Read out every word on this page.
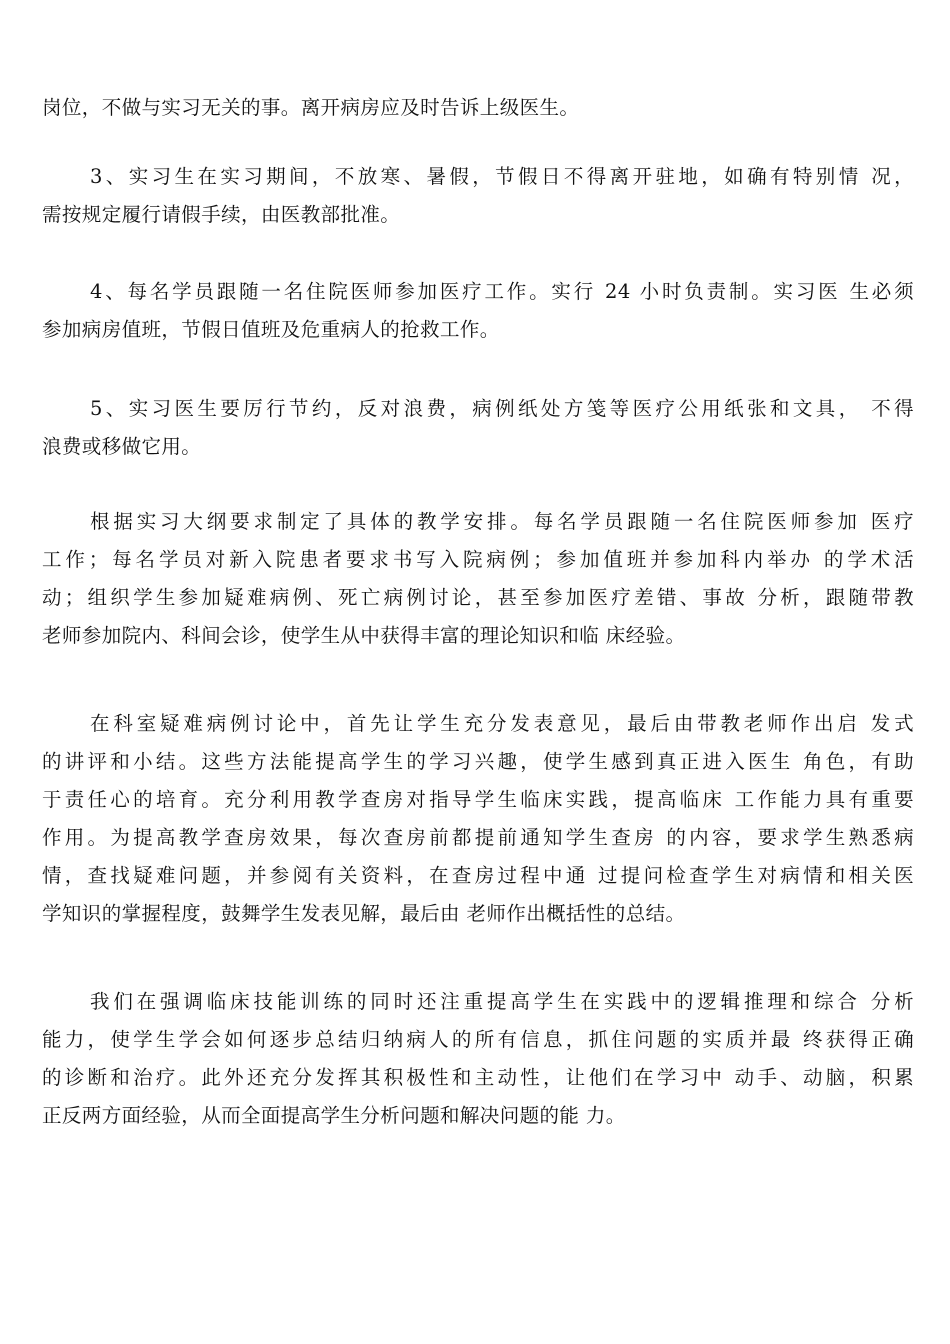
岗位，不做与实习无关的事。离开病房应及时告诉上级医生。
3、实习生在实习期间，不放寒、暑假，节假日不得离开驻地，如确有特别情 况，
需按规定履行请假手续，由医教部批准。
4、每名学员跟随一名住院医师参加医疗工作。实行 24 小时负责制。实习医 生必须
参加病房值班，节假日值班及危重病人的抢救工作。
5、实习医生要厉行节约，反对浪费，病例纸处方笺等医疗公用纸张和文具， 不得
浪费或移做它用。
根据实习大纲要求制定了具体的教学安排。每名学员跟随一名住院医师参加 医疗
工作；每名学员对新入院患者要求书写入院病例；参加值班并参加科内举办 的学术活
动；组织学生参加疑难病例、死亡病例讨论，甚至参加医疗差错、事故 分析，跟随带教
老师参加院内、科间会诊，使学生从中获得丰富的理论知识和临 床经验。
在科室疑难病例讨论中，首先让学生充分发表意见，最后由带教老师作出启 发式
的讲评和小结。这些方法能提高学生的学习兴趣，使学生感到真正进入医生 角色，有助
于责任心的培育。充分利用教学查房对指导学生临床实践，提高临床 工作能力具有重要
作用。为提高教学查房效果，每次查房前都提前通知学生查房 的内容，要求学生熟悉病
情，查找疑难问题，并参阅有关资料，在查房过程中通 过提问检查学生对病情和相关医
学知识的掌握程度，鼓舞学生发表见解，最后由 老师作出概括性的总结。
我们在强调临床技能训练的同时还注重提高学生在实践中的逻辑推理和综合 分析
能力，使学生学会如何逐步总结归纳病人的所有信息，抓住问题的实质并最 终获得正确
的诊断和治疗。此外还充分发挥其积极性和主动性，让他们在学习中 动手、动脑，积累
正反两方面经验，从而全面提高学生分析问题和解决问题的能 力。
